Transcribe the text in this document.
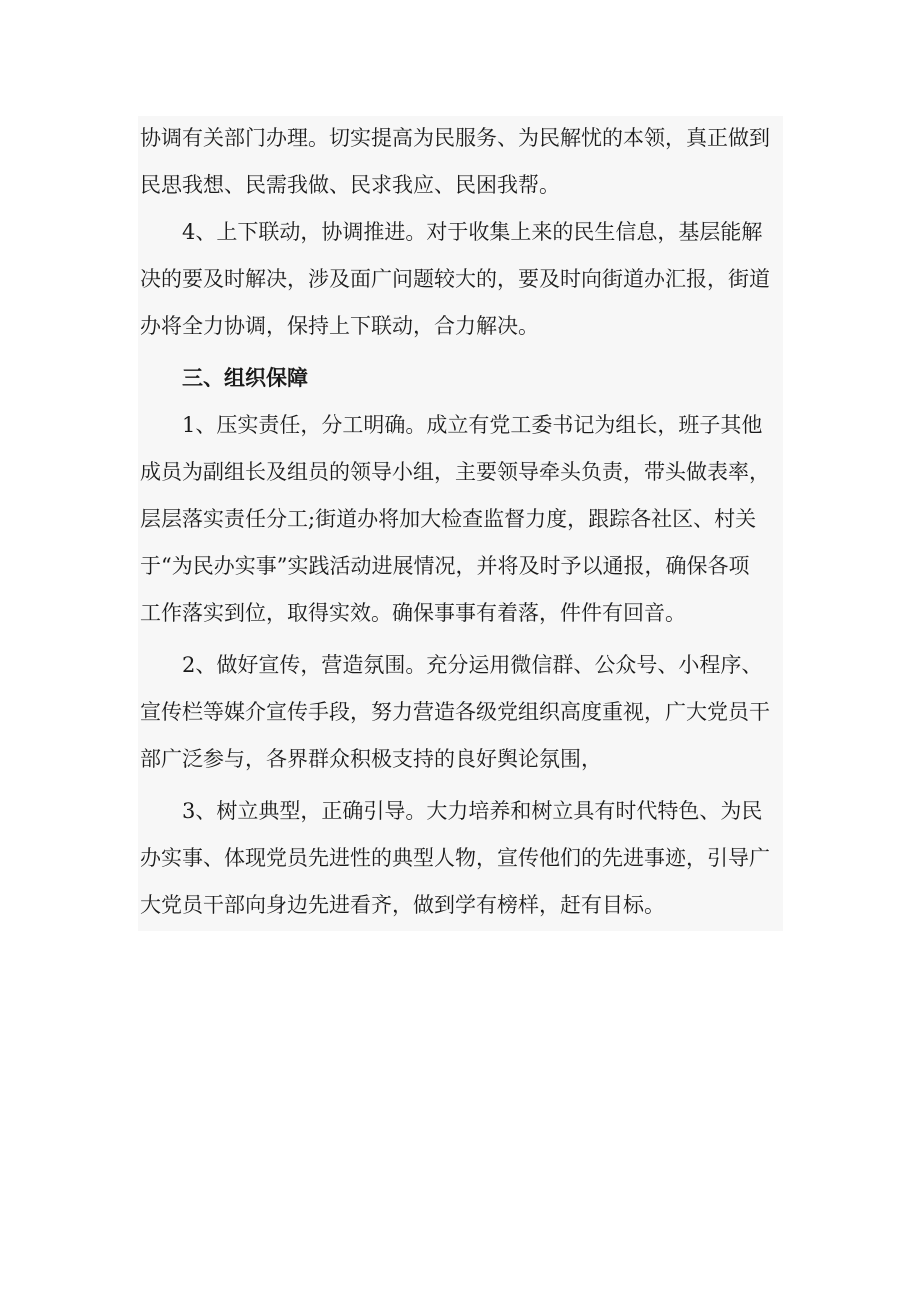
协调有关部门办理。切实提高为民服务、为民解忧的本领，真正做到
民思我想、民需我做、民求我应、民困我帮。
4、上下联动，协调推进。对于收集上来的民生信息，基层能解
决的要及时解决，涉及面广问题较大的，要及时向街道办汇报，街道
办将全力协调，保持上下联动，合力解决。
三、组织保障
1、压实责任，分工明确。成立有党工委书记为组长，班子其他
成员为副组长及组员的领导小组，主要领导牵头负责，带头做表率，
层层落实责任分工;街道办将加大检查监督力度，跟踪各社区、村关
于“为民办实事”实践活动进展情况，并将及时予以通报，确保各项
工作落实到位，取得实效。确保事事有着落，件件有回音。
2、做好宣传，营造氛围。充分运用微信群、公众号、小程序、
宣传栏等媒介宣传手段，努力营造各级党组织高度重视，广大党员干
部广泛参与，各界群众积极支持的良好舆论氛围，
3、树立典型，正确引导。大力培养和树立具有时代特色、为民
办实事、体现党员先进性的典型人物，宣传他们的先进事迹，引导广
大党员干部向身边先进看齐，做到学有榜样，赶有目标。
